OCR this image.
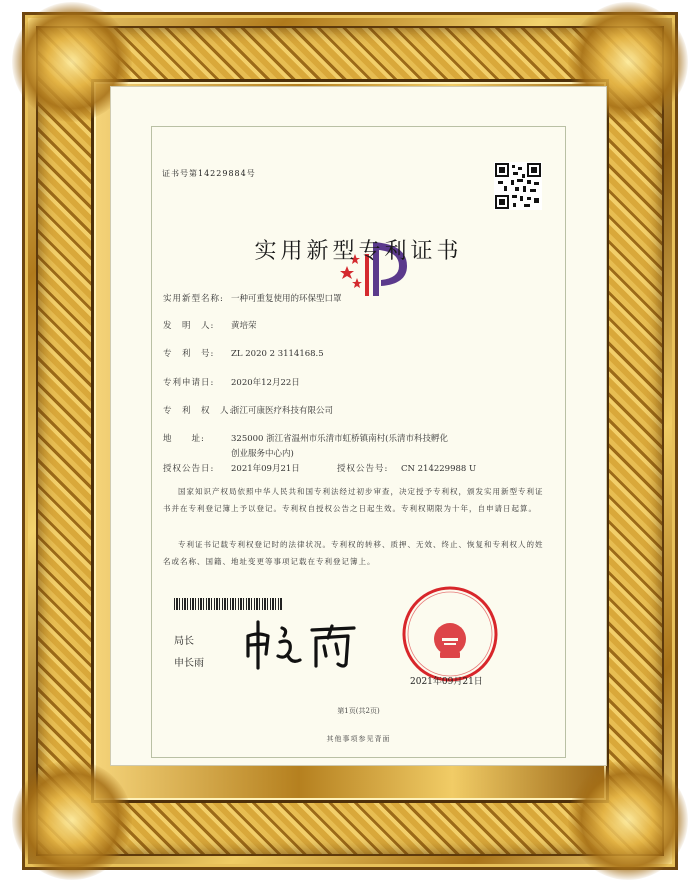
证书号第14229884号
实用新型专利证书
实用新型名称: 一种可重复使用的环保型口罩
发　明　人: 黄培荣
专　利　号: ZL 2020 2 3114168.5
专利申请日: 2020年12月22日
专　利　权　人:浙江可康医疗科技有限公司
地　　址:	325000 浙江省温州市乐清市虹桥镇南村(乐清市科技孵化
创业服务中心内)
授权公告日: 2021年09月21日	授权公告号: CN 214229988 U
国家知识产权局依照中华人民共和国专利法经过初步审查，决定授予专利权，颁发实用新型专利证书并在专利登记簿上予以登记。专利权自授权公告之日起生效。专利权期限为十年，自申请日起算。
专利证书记载专利权登记时的法律状况。专利权的转移、质押、无效、终止、恢复和专利权人的姓名或名称、国籍、地址变更等事项记载在专利登记簿上。
局长
申长雨
2021年09月21日
第1页(共2页)
其他事项参见背面
